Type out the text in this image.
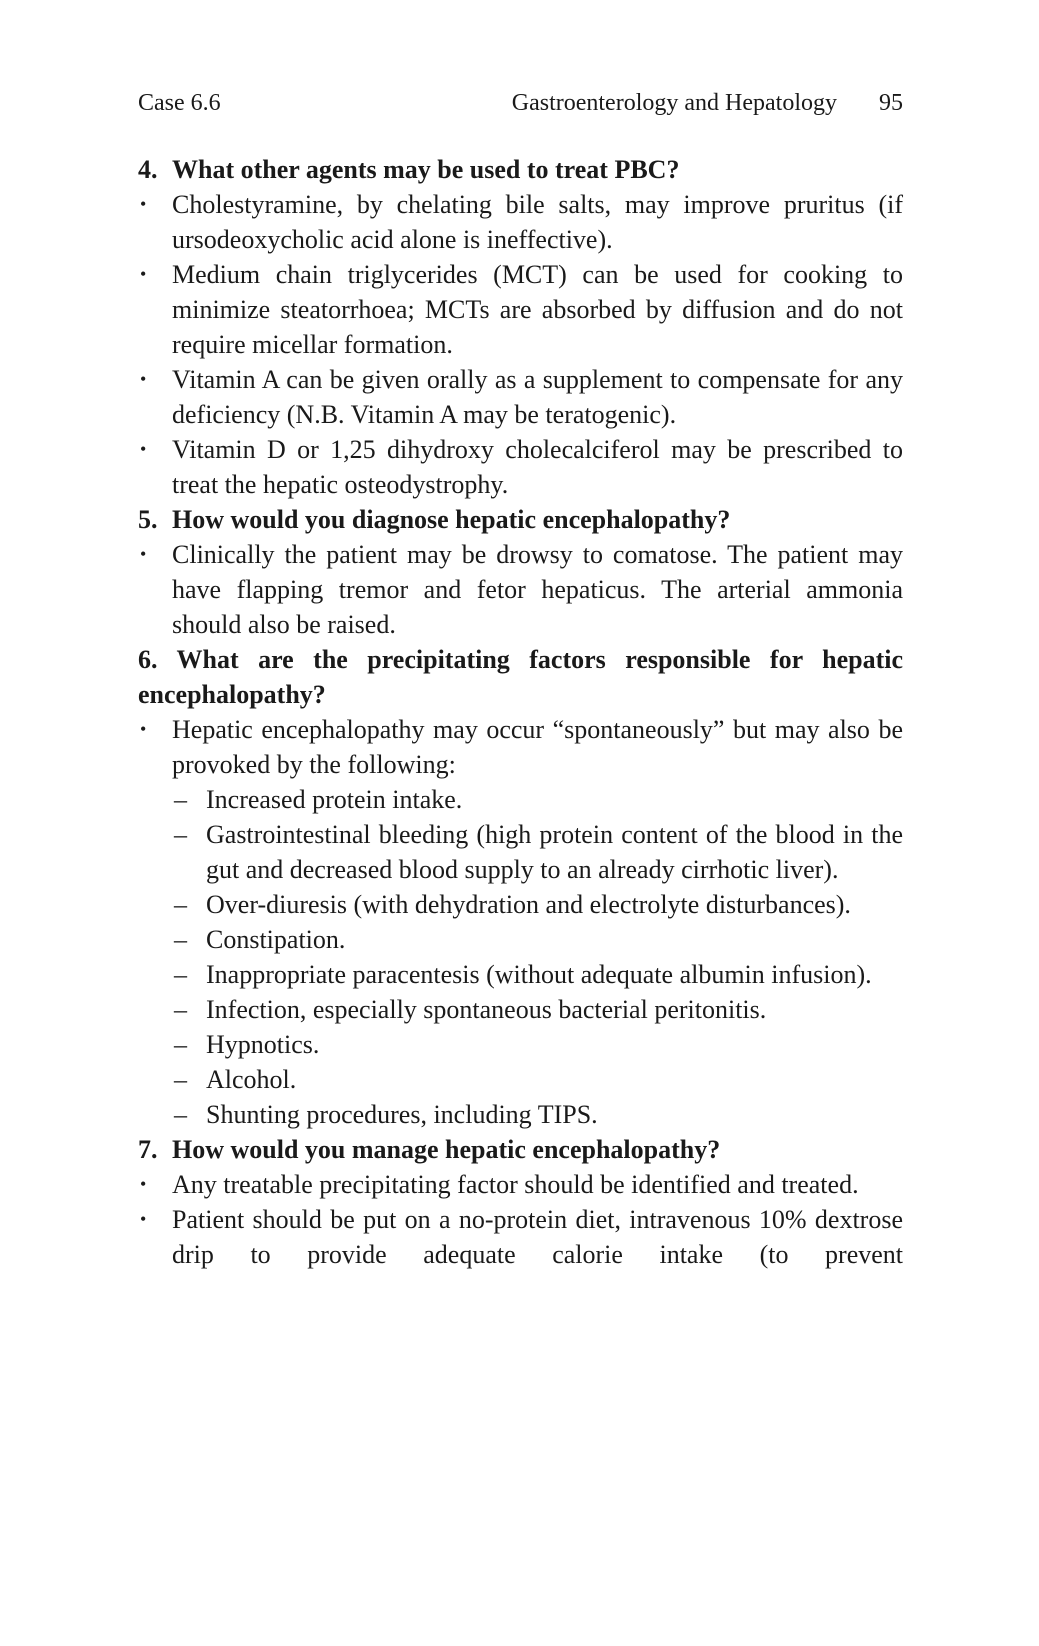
Case 6.6	Gastroenterology and Hepatology 95
4. What other agents may be used to treat PBC?
• Cholestyramine, by chelating bile salts, may improve pruritus (if ursodeoxycholic acid alone is ineffective).
• Medium chain triglycerides (MCT) can be used for cooking to minimize steatorrhoea; MCTs are absorbed by diffusion and do not require micellar formation.
• Vitamin A can be given orally as a supplement to compensate for any deficiency (N.B. Vitamin A may be teratogenic).
• Vitamin D or 1,25 dihydroxy cholecalciferol may be prescribed to treat the hepatic osteodystrophy.
5. How would you diagnose hepatic encephalopathy?
• Clinically the patient may be drowsy to comatose. The patient may have flapping tremor and fetor hepaticus. The arterial ammonia should also be raised.
6. What are the precipitating factors responsible for hepatic encephalopathy?
• Hepatic encephalopathy may occur “spontaneously” but may also be provoked by the following:
– Increased protein intake.
– Gastrointestinal bleeding (high protein content of the blood in the gut and decreased blood supply to an already cirrhotic liver).
– Over-diuresis (with dehydration and electrolyte disturbances).
– Constipation.
– Inappropriate paracentesis (without adequate albumin infusion).
– Infection, especially spontaneous bacterial peritonitis.
– Hypnotics.
– Alcohol.
– Shunting procedures, including TIPS.
7. How would you manage hepatic encephalopathy?
• Any treatable precipitating factor should be identified and treated.
• Patient should be put on a no-protein diet, intravenous 10% dextrose drip to provide adequate calorie intake (to prevent
